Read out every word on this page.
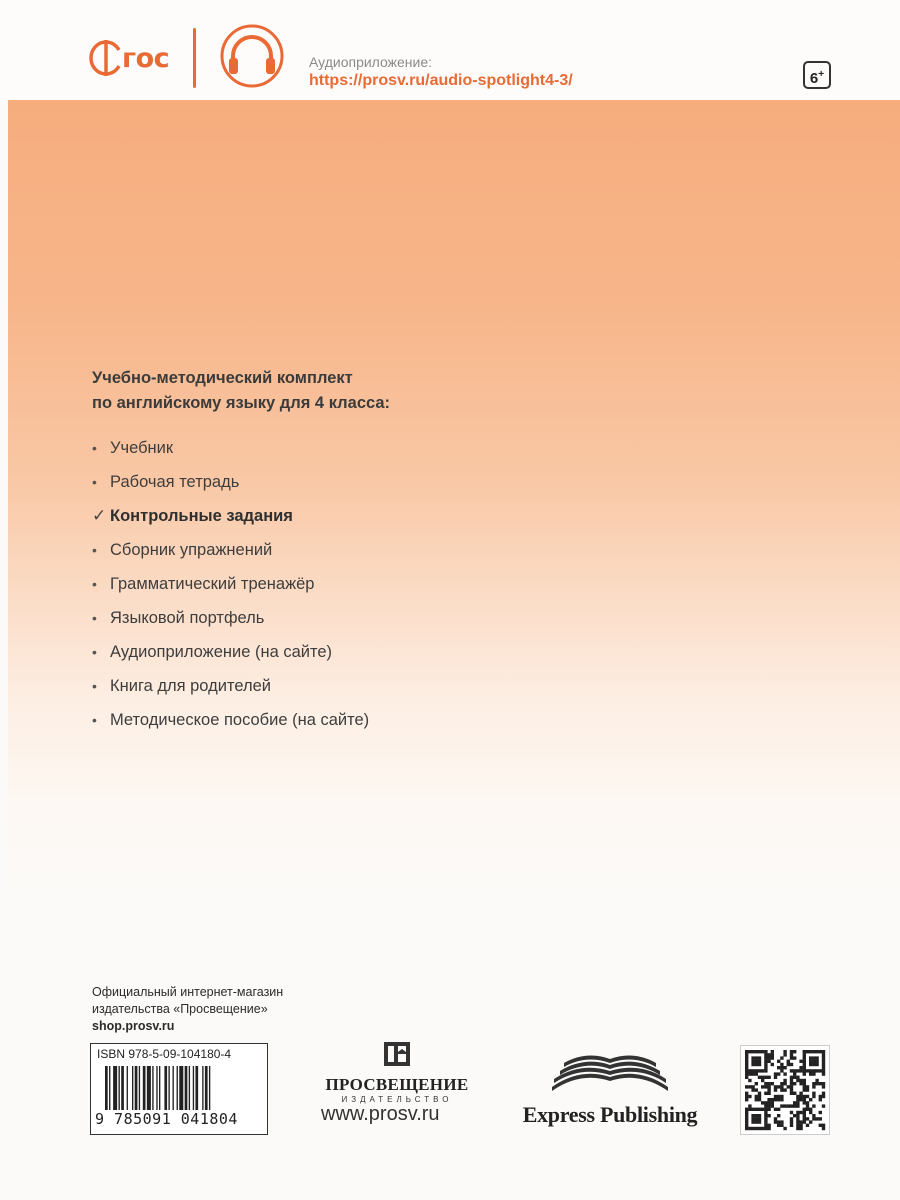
гос	Аудиоприложение:
https://prosv.ru/audio-spotlight4-3/	6+
Учебно-методический комплект
по английскому языку для 4 класса:
• Учебник
• Рабочая тетрадь
✓ Контрольные задания
• Сборник упражнений
• Грамматический тренажёр
• Языковой портфель
• Аудиоприложение (на сайте)
• Книга для родителей
• Методическое пособие (на сайте)
Официальный интернет-магазин
издательства «Просвещение»
shop.prosv.ru
ISBN 978-5-09-104180-4
9 785091 041804
ПРОСВЕЩЕНИЕ
ИЗДАТЕЛЬСТВО
www.prosv.ru	Express Publishing
